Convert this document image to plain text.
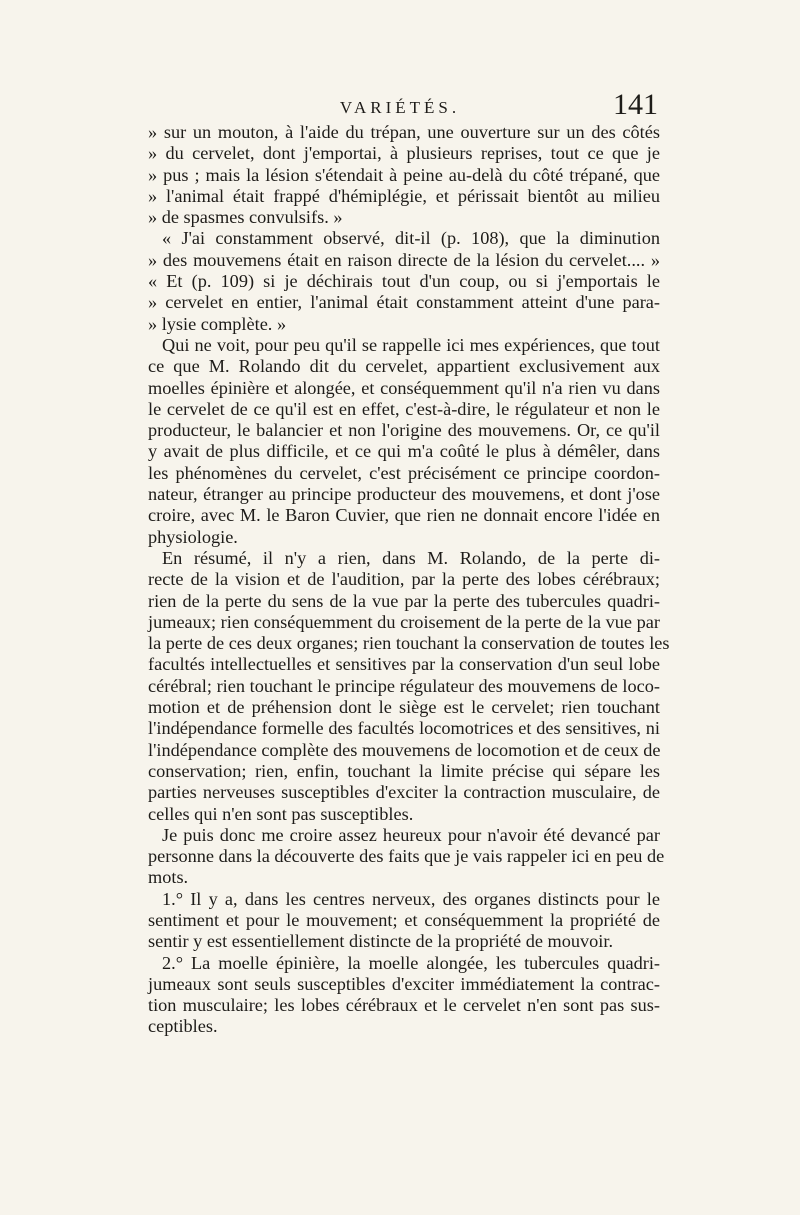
VARIÉTÉS.	141
» sur un mouton, à l'aide du trépan, une ouverture sur un des côtés
» du cervelet, dont j'emportai, à plusieurs reprises, tout ce que je
» pus ; mais la lésion s'étendait à peine au-delà du côté trépané, que
» l'animal était frappé d'hémiplégie, et périssait bientôt au milieu
» de spasmes convulsifs. »
« J'ai constamment observé, dit-il (p. 108), que la diminution
» des mouvemens était en raison directe de la lésion du cervelet.... »
« Et (p. 109) si je déchirais tout d'un coup, ou si j'emportais le
» cervelet en entier, l'animal était constamment atteint d'une para-
» lysie complète. »
Qui ne voit, pour peu qu'il se rappelle ici mes expériences, que tout
ce que M. Rolando dit du cervelet, appartient exclusivement aux
moelles épinière et alongée, et conséquemment qu'il n'a rien vu dans
le cervelet de ce qu'il est en effet, c'est-à-dire, le régulateur et non le
producteur, le balancier et non l'origine des mouvemens. Or, ce qu'il
y avait de plus difficile, et ce qui m'a coûté le plus à démêler, dans
les phénomènes du cervelet, c'est précisément ce principe coordon-
nateur, étranger au principe producteur des mouvemens, et dont j'ose
croire, avec M. le Baron Cuvier, que rien ne donnait encore l'idée en
physiologie.
En résumé, il n'y a rien, dans M. Rolando, de la perte di-
recte de la vision et de l'audition, par la perte des lobes cérébraux;
rien de la perte du sens de la vue par la perte des tubercules quadri-
jumeaux; rien conséquemment du croisement de la perte de la vue par
la perte de ces deux organes; rien touchant la conservation de toutes les
facultés intellectuelles et sensitives par la conservation d'un seul lobe
cérébral; rien touchant le principe régulateur des mouvemens de loco-
motion et de préhension dont le siège est le cervelet; rien touchant
l'indépendance formelle des facultés locomotrices et des sensitives, ni
l'indépendance complète des mouvemens de locomotion et de ceux de
conservation; rien, enfin, touchant la limite précise qui sépare les
parties nerveuses susceptibles d'exciter la contraction musculaire, de
celles qui n'en sont pas susceptibles.
Je puis donc me croire assez heureux pour n'avoir été devancé par
personne dans la découverte des faits que je vais rappeler ici en peu de
mots.
1.° Il y a, dans les centres nerveux, des organes distincts pour le
sentiment et pour le mouvement; et conséquemment la propriété de
sentir y est essentiellement distincte de la propriété de mouvoir.
2.° La moelle épinière, la moelle alongée, les tubercules quadri-
jumeaux sont seuls susceptibles d'exciter immédiatement la contrac-
tion musculaire; les lobes cérébraux et le cervelet n'en sont pas sus-
ceptibles.
